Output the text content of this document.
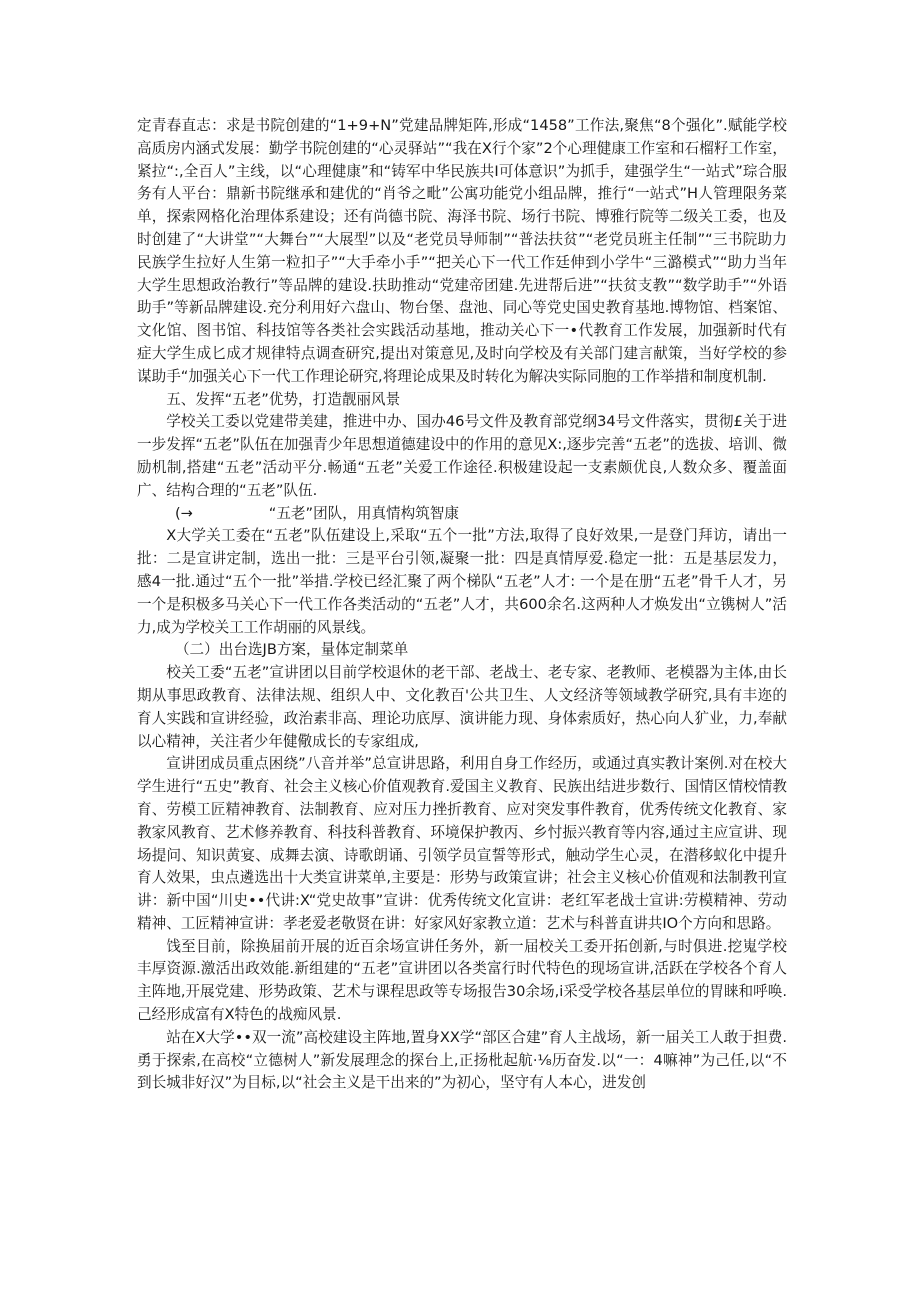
定青春直志：求是书院创建的“1+9+N”党建品牌矩阵,形成“1458”工作法,聚焦“8个强化”.赋能学校高质房内涵式发展：勤学书院创建的“心灵驿站”“我在X行个家”2个心理健康工作室和石榴籽工作室，紧拉“:,全百人”主线，以“心理健康”和“铸军中华民族共I可体意识”为抓手，建强学生“一站式”琮合服务有人平台：鼎新书院继承和建优的“肖爷之毗”公寓功能党小组品牌，推行“一站式”H人管理限务菜单，探索网格化治理体系建设；还有尚德书院、海泽书院、场行书院、博雅行院等二级关工委，也及时创建了“大讲堂”“大舞台”“大展型”以及“老党员导师制”“普法扶贫”“老党员班主任制”“三书院助力民族学生拉好人生第一粒扣子”“大手牵小手”“把关心下一代工作廷伸到小学牛“三潞模式”“助力当年大学生思想政治教行”等品牌的建设.扶助推动“党建帝团建.先进帮后进”“扶贫支教”“数学助手”“外语助手”等新品牌建设.充分利用好六盘山、物台堡、盘池、同心等党史国史教育基地.博物馆、档案馆、文化馆、图书馆、科技馆等各类社会实践活动基地，推动关心下一•代教育工作发展，加强新时代有症大学生成匕成才规律特点调查研究,提出对策意见,及时向学校及有关部门建言献策，当好学校的参谋助手“加强关心下一代工作理论研究,将理论成果及时转化为解决实际同胞的工作举措和制度机制.

五、发挥“五老”优势，打造靓丽风景

学校关工委以党建带美建，推进中办、国办46号文件及教育部党纲34号文件落实，贯彻£关于进一步发挥“五老”队伍在加强青少年思想道德建设中的作用的意见X:,逐步完善“五老”的选拔、培训、微励机制,搭建“五老”活动平分.畅通“五老”关爱工作途径.积极建设起一支素颇优良,人数众多、覆盖面广、结构合理的“五老”队伍.

(→	“五老”团队，用真情构筑智康

X大学关工委在“五老”队伍建设上,采取“五个一批”方法,取得了良好效果,一是登门拜访，请出一批：二是宣讲定制，选出一批：三是平台引领,凝聚一批：四是真情厚爱.稳定一批：五是基层发力，感4一批.通过“五个一批”举措.学校已经汇聚了两个梯队“五老”人才: 一个是在册“五老”骨千人才，另一个是积极多马关心下一代工作各类活动的“五老”人才，共600余名.这两种人才焕发出“立镌树人”活力,成为学校关工工作胡丽的风景线。

（二）出台选JB方案，量体定制菜单

校关工委“五老”宣讲团以目前学校退休的老干部、老战士、老专家、老教师、老模器为主体,由长期从事思政教育、法律法规、组织人中、文化教百'公共卫生、人文经济等领域教学研究,具有丰迩的育人实践和宣讲经验，政治素非高、理论功底厚、演讲能力现、身体索质好，热心向人犷业，力,奉献以心精神，关注者少年健儆成长的专家组成,

宣讲团成员重点困绕”八音并举”总宣讲思路，利用自身工作经历，或通过真实教计案例.对在校大学生进行“五史”教育、社会主义核心价值观教育.爱国主义教育、民族出结进步数行、国情区情校情教育、劳模工匠精神教育、法制教育、应对压力挫折教育、应对突发事件教育，优秀传统文化教育、家教家风教育、艺术修养教育、科技科普教育、环境保护教丙、乡忖振兴教育等内容,通过主应宣讲、现场提问、知识黄宴、成舞去演、诗歌朗诵、引领学员宣誓等形式，触动学生心灵，在潜移蚁化中提升育人效果，虫点遴选出十大类宣讲菜单,主要是：形势与政策宣讲；社会主义核心价值观和法制教刊宣讲：新中国“川史••代讲:X“党史故事”宣讲：优秀传统文化宣讲：老红军老战士宣讲:劳模精神、劳动精神、工匠精神宣讲：孝老爱老敬贤在讲：好家风好家教立道：艺术与科普直讲共IO个方向和思路。

饯至目前，除换届前开展的近百余场宣讲任务外，新一届校关工委开拓创新,与时俱进.挖嵬学校丰厚资源.激活出政效能.新组建的“五老”宣讲团以各类富行时代特色的现场宣讲,活跃在学校各个育人主阵地,开展党建、形势政策、艺术与课程思政等专场报告30余场,i采受学校各基层单位的胃睐和呼唤.己经形成富有X特色的战痴风景.

站在X大学••双一流”高校建设主阵地,置身XX学“部区合建”育人主战场，新一届关工人敢于担费.勇于探索,在高校“立德树人”新发展理念的探台上,正扬枇起航·⅛历奋发.以“一：4嘛神”为己任,以“不到长城非好汉”为目标,以“社会主义是干出来的”为初心，坚守有人本心，进发创
